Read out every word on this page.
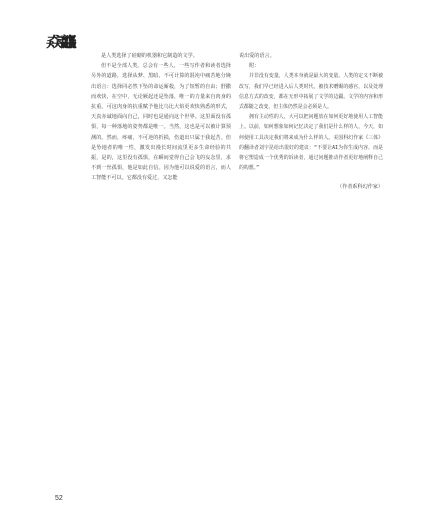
猋龘

是人类选择了硅砌的机器和它制造的文学。

但不是全部人类。总会有一些人，一些写作者和读者选择另外的道路，选择从梦、黑暗、不可计算的混沌中痛苦地分娩出语言：选择同必然下坠的命运厮殺，为了短暂的自由；舒撒而欢快，在空中，无论厥起还是坠落，唯一的力量来自肉身的抗重。可这肉身的抗重赋予他比乌比大焰更欢快熟悉的形式，天真赤诚地面向自己，同时也是通向这个世界。这里面没有孤惧，每一种落地的姿势都是唯一。当然，这也是可以被计算预测的。然而，疼痛，不可逆的折损，伤道出只属于我起苦。但是坠地者的唯一性，激发出漫长时间流里更多生命经验的共振，是的，这里没有孤惧，在瞬间觉得自己会飞的妄念里，求不到一丝孤惧，他是如此自信。因为他可以说爱的语言，而人工智能不可以。它都没有爱过，又怎能

说出爱的语言。

附：

并非没有变量，人类本身就是最大的变量。人类的定义不断被改写，我们早已经进入后人类时代，被技术赠赐的感官，以及处理信息方式的改变，都在无形中拓展了文学的边疆。文学的内容和形式都随之改变，但主体仍然是会必须是人。

拥有主动性的人，大可以把问题放在如何更好地使用人工智能上。以前，如何想象如何记忆决定了我们是什么样的人，今天，如何使用工具决定我们将来成为什么样的人。美国科幻作家《三体》的翻译者刘宇昆给出很好的建议：“不要让AI为你生成内容，而是将它塑造成一个优秀的诉读者，通过问题推动作者更好地阐释自己的构想。”

（作者系科幻作家）
52
